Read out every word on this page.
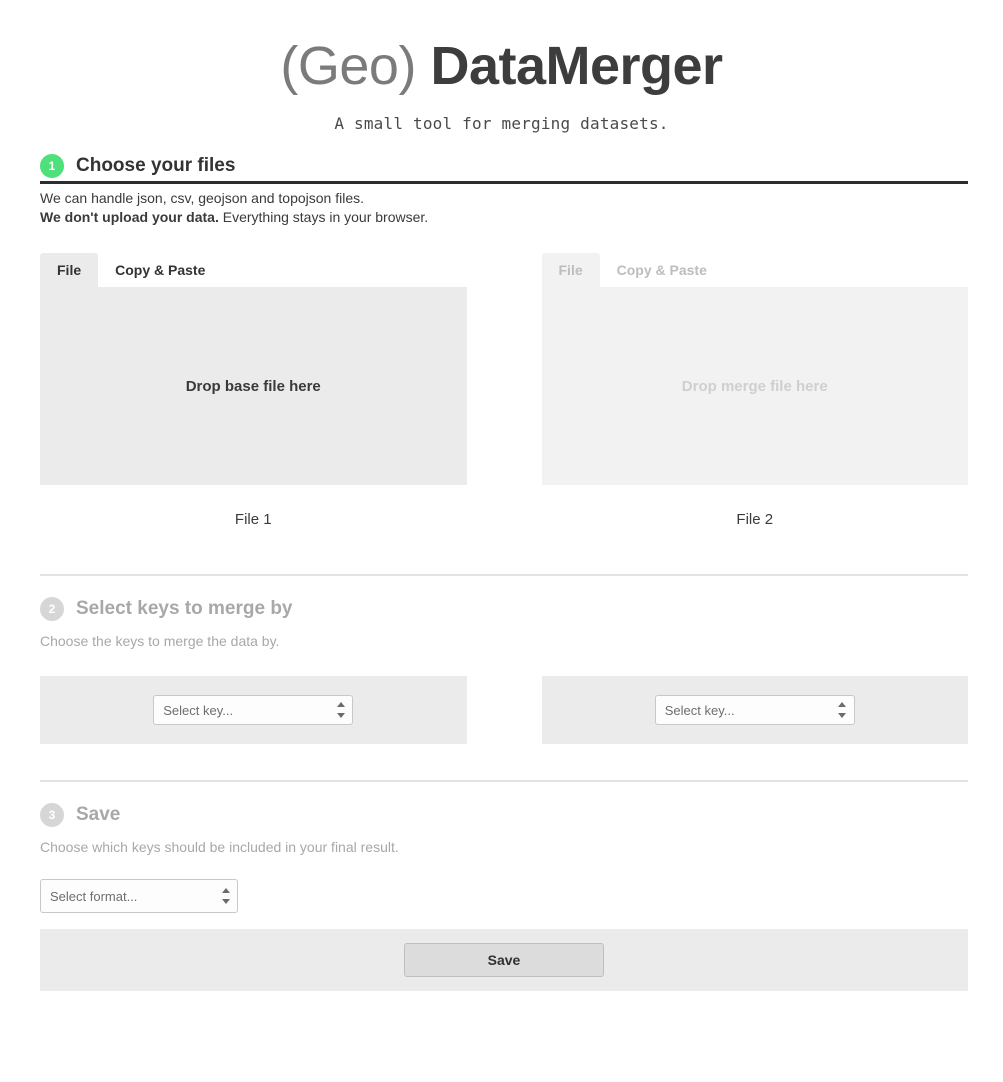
(Geo) DataMerger
A small tool for merging datasets.
1	Choose your files
We can handle json, csv, geojson and topojson files.
We don't upload your data. Everything stays in your browser.
File	Copy & Paste
Drop base file here
File 1
File	Copy & Paste
Drop merge file here
File 2
2	Select keys to merge by
Choose the keys to merge the data by.
Select key...
Select key...
3	Save
Choose which keys should be included in your final result.
Select format...
Save
